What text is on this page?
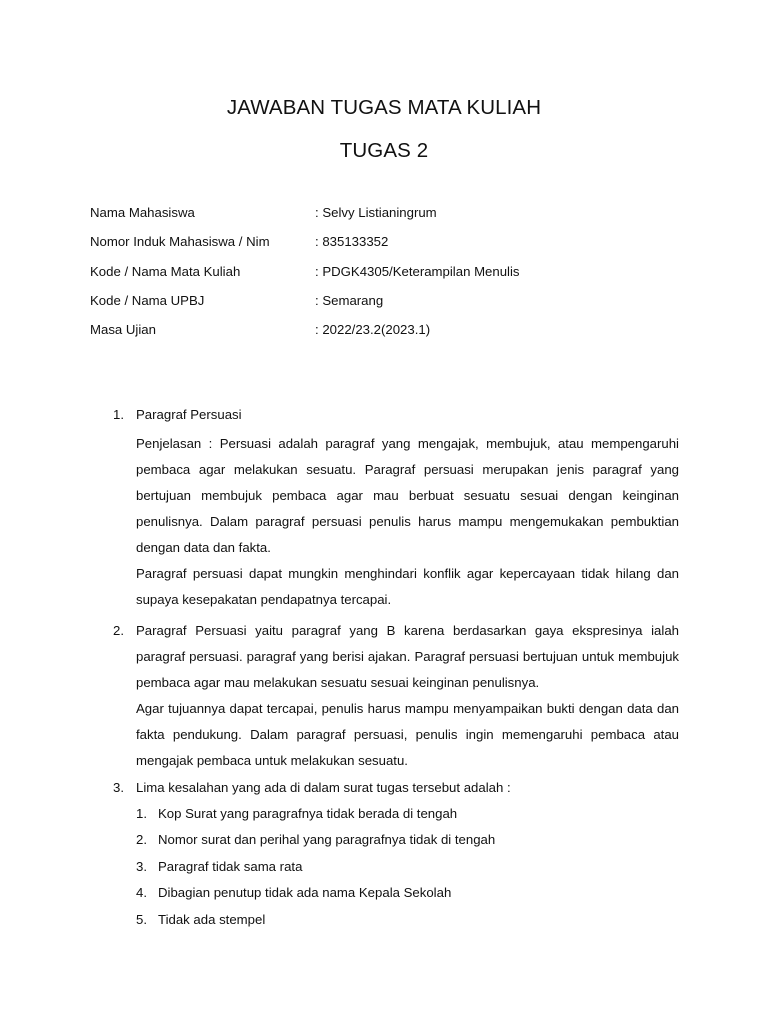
JAWABAN TUGAS MATA KULIAH
TUGAS 2
Nama Mahasiswa	: Selvy Listianingrum
Nomor Induk Mahasiswa / Nim	: 835133352
Kode / Nama Mata Kuliah	: PDGK4305/Keterampilan Menulis
Kode / Nama UPBJ	: Semarang
Masa Ujian	: 2022/23.2(2023.1)
1. Paragraf Persuasi

Penjelasan : Persuasi adalah paragraf yang mengajak, membujuk, atau mempengaruhi pembaca agar melakukan sesuatu. Paragraf persuasi merupakan jenis paragraf yang bertujuan membujuk pembaca agar mau berbuat sesuatu sesuai dengan keinginan penulisnya. Dalam paragraf persuasi penulis harus mampu mengemukakan pembuktian dengan data dan fakta.

Paragraf persuasi dapat mungkin menghindari konflik agar kepercayaan tidak hilang dan supaya kesepakatan pendapatnya tercapai.

2. Paragraf Persuasi yaitu paragraf yang B karena berdasarkan gaya ekspresinya ialah paragraf persuasi. paragraf yang berisi ajakan. Paragraf persuasi bertujuan untuk membujuk pembaca agar mau melakukan sesuatu sesuai keinginan penulisnya.

Agar tujuannya dapat tercapai, penulis harus mampu menyampaikan bukti dengan data dan fakta pendukung. Dalam paragraf persuasi, penulis ingin memengaruhi pembaca atau mengajak pembaca untuk melakukan sesuatu.

3. Lima kesalahan yang ada di dalam surat tugas tersebut adalah :

1. Kop Surat yang paragrafnya tidak berada di tengah
2. Nomor surat dan perihal yang paragrafnya tidak di tengah
3. Paragraf tidak sama rata
4. Dibagian penutup tidak ada nama Kepala Sekolah
5. Tidak ada stempel
